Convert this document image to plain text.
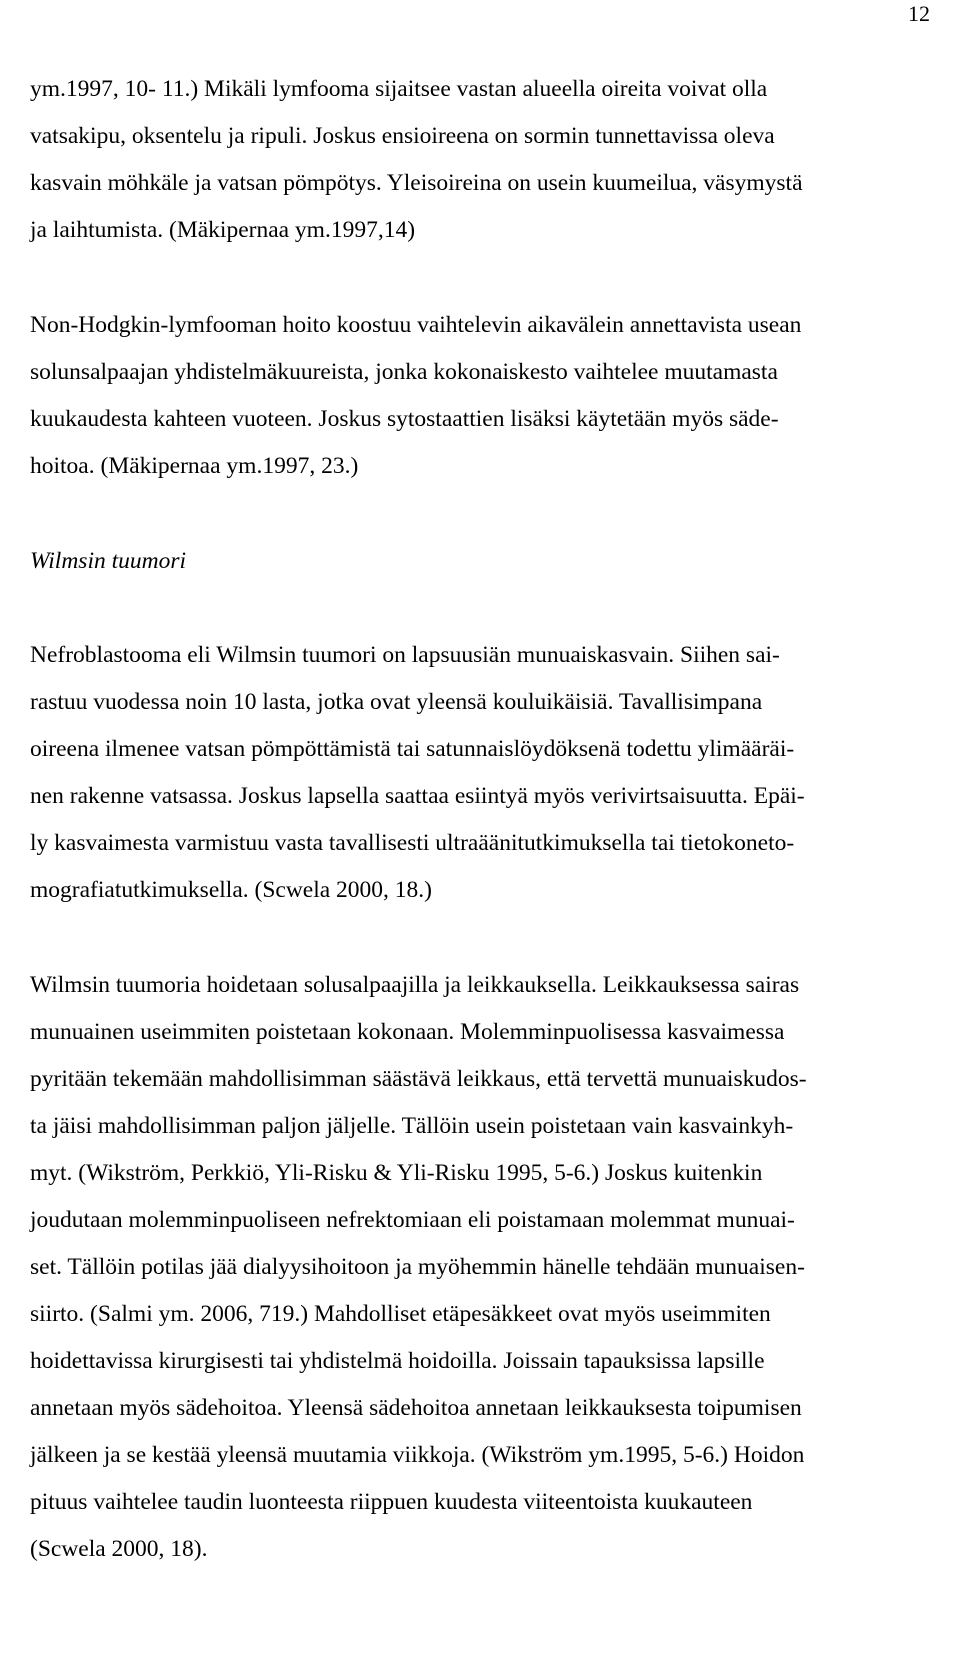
12
ym.1997, 10- 11.) Mikäli lymfooma sijaitsee vastan alueella oireita voivat olla
vatsakipu, oksentelu ja ripuli. Joskus ensioireena on sormin tunnettavissa oleva
kasvain möhkäle ja vatsan pömpötys. Yleisoireina on usein kuumeilua, väsymystä
ja laihtumista. (Mäkipernaa ym.1997,14)
Non-Hodgkin-lymfooman hoito koostuu vaihtelevin aikavälein annettavista usean
solunsalpaajan yhdistelmäkuureista, jonka kokonaiskesto vaihtelee muutamasta
kuukaudesta kahteen vuoteen. Joskus sytostaattien lisäksi käytetään myös säde-
hoitoa. (Mäkipernaa ym.1997, 23.)
Wilmsin tuumori
Nefroblastooma eli Wilmsin tuumori on lapsuusiän munuaiskasvain. Siihen sai-
rastuu vuodessa noin 10 lasta, jotka ovat yleensä kouluikäisiä. Tavallisimpana
oireena ilmenee vatsan pömpöttämistä tai satunnaislöydöksenä todettu ylimääräi-
nen rakenne vatsassa. Joskus lapsella saattaa esiintyä myös verivirtsaisuutta. Epäi-
ly kasvaimesta varmistuu vasta tavallisesti ultraäänitutkimuksella tai tietokoneto-
mografiatutkimuksella. (Scwela 2000, 18.)
Wilmsin tuumoria hoidetaan solusalpaajilla ja leikkauksella. Leikkauksessa sairas
munuainen useimmiten poistetaan kokonaan. Molemminpuolisessa kasvaimessa
pyritään tekemään mahdollisimman säästävä leikkaus, että tervettä munuaiskudos-
ta jäisi mahdollisimman paljon jäljelle. Tällöin usein poistetaan vain kasvainkyh-
myt. (Wikström, Perkkiö, Yli-Risku & Yli-Risku 1995, 5-6.) Joskus kuitenkin
joudutaan molemminpuoliseen nefrektomiaan eli poistamaan molemmat munuai-
set. Tällöin potilas jää dialyysihoitoon ja myöhemmin hänelle tehdään munuaisen-
siirto. (Salmi ym. 2006, 719.) Mahdolliset etäpesäkkeet ovat myös useimmiten
hoidettavissa kirurgisesti tai yhdistelmä hoidoilla. Joissain tapauksissa lapsille
annetaan myös sädehoitoa. Yleensä sädehoitoa annetaan leikkauksesta toipumisen
jälkeen ja se kestää yleensä muutamia viikkoja. (Wikström ym.1995, 5-6.) Hoidon
pituus vaihtelee taudin luonteesta riippuen kuudesta viiteentoista kuukauteen
(Scwela 2000, 18).
